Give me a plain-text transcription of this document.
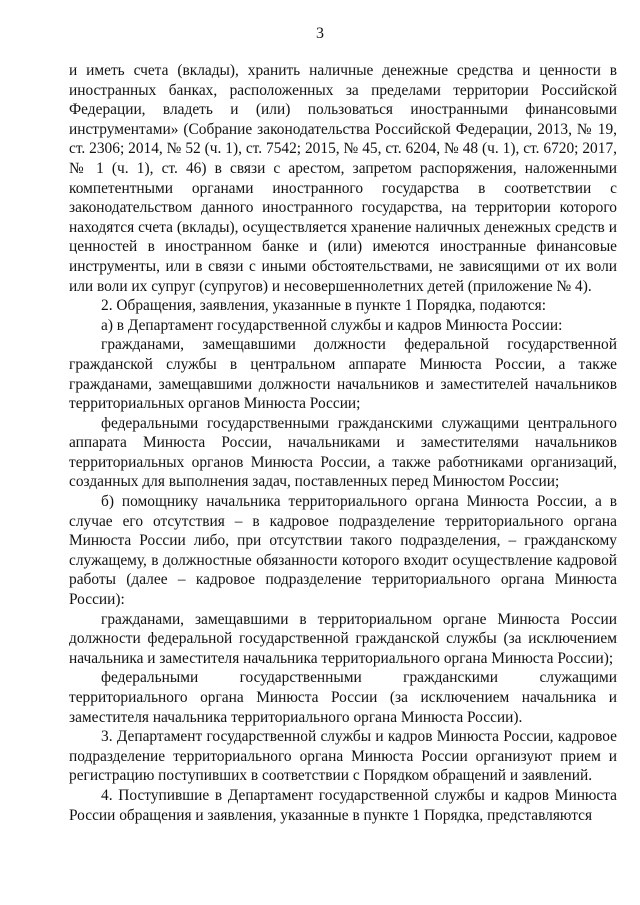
3

и иметь счета (вклады), хранить наличные денежные средства и ценности в иностранных банках, расположенных за пределами территории Российской Федерации, владеть и (или) пользоваться иностранными финансовыми инструментами» (Собрание законодательства Российской Федерации, 2013, № 19, ст. 2306; 2014, № 52 (ч. 1), ст. 7542; 2015, № 45, ст. 6204, № 48 (ч. 1), ст. 6720; 2017, № 1 (ч. 1), ст. 46) в связи с арестом, запретом распоряжения, наложенными компетентными органами иностранного государства в соответствии с законодательством данного иностранного государства, на территории которого находятся счета (вклады), осуществляется хранение наличных денежных средств и ценностей в иностранном банке и (или) имеются иностранные финансовые инструменты, или в связи с иными обстоятельствами, не зависящими от их воли или воли их супруг (супругов) и несовершеннолетних детей (приложение № 4).

2. Обращения, заявления, указанные в пункте 1 Порядка, подаются:

а) в Департамент государственной службы и кадров Минюста России:

гражданами, замещавшими должности федеральной государственной гражданской службы в центральном аппарате Минюста России, а также гражданами, замещавшими должности начальников и заместителей начальников территориальных органов Минюста России;

федеральными государственными гражданскими служащими центрального аппарата Минюста России, начальниками и заместителями начальников территориальных органов Минюста России, а также работниками организаций, созданных для выполнения задач, поставленных перед Минюстом России;

б) помощнику начальника территориального органа Минюста России, а в случае его отсутствия – в кадровое подразделение территориального органа Минюста России либо, при отсутствии такого подразделения, – гражданскому служащему, в должностные обязанности которого входит осуществление кадровой работы (далее – кадровое подразделение территориального органа Минюста России):

гражданами, замещавшими в территориальном органе Минюста России должности федеральной государственной гражданской службы (за исключением начальника и заместителя начальника территориального органа Минюста России);

федеральными государственными гражданскими служащими территориального органа Минюста России (за исключением начальника и заместителя начальника территориального органа Минюста России).

3. Департамент государственной службы и кадров Минюста России, кадровое подразделение территориального органа Минюста России организуют прием и регистрацию поступивших в соответствии с Порядком обращений и заявлений.

4. Поступившие в Департамент государственной службы и кадров Минюста России обращения и заявления, указанные в пункте 1 Порядка, представляются
